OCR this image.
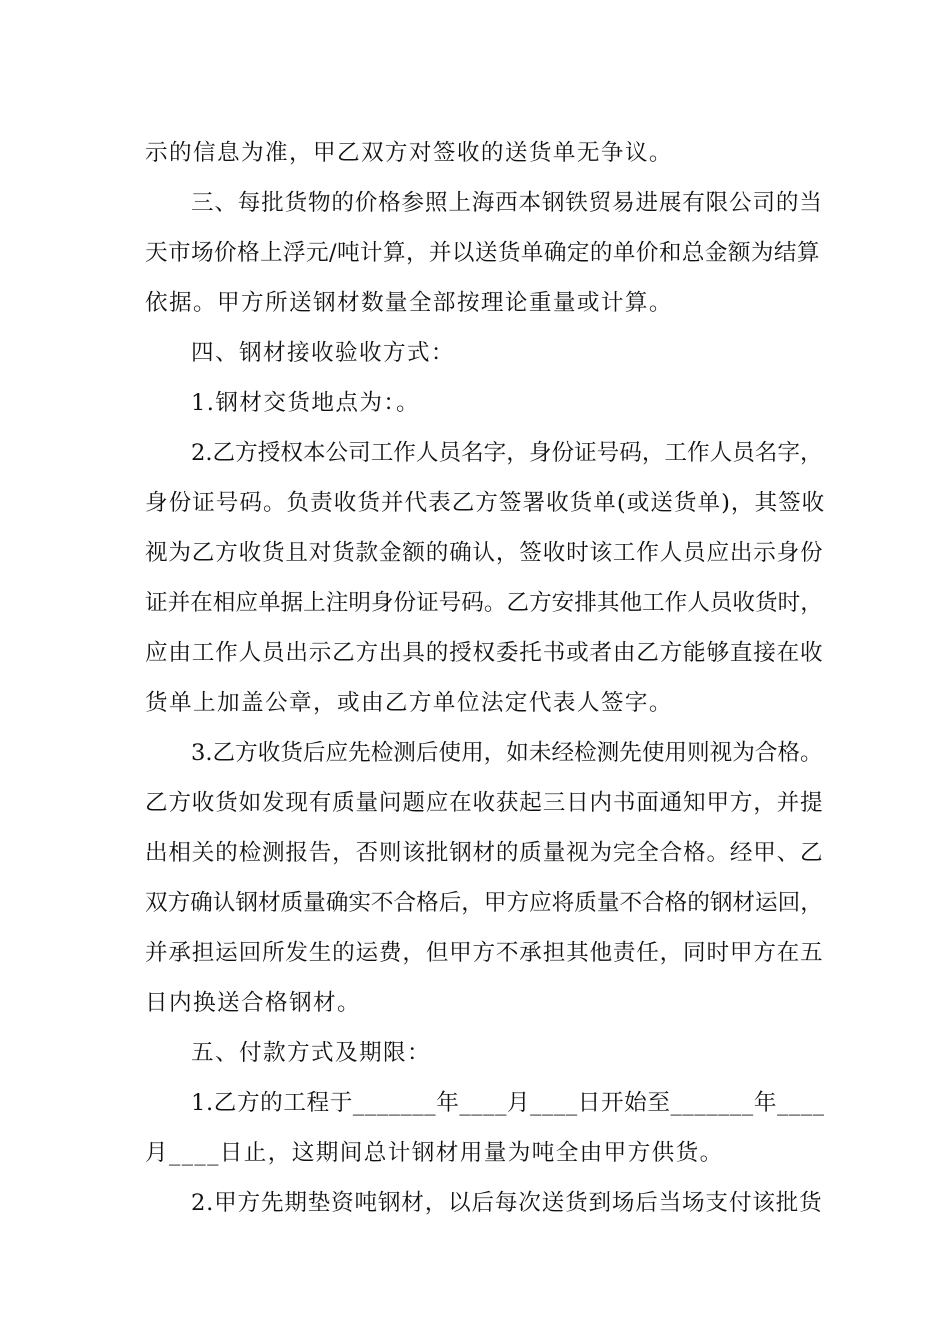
示的信息为准，甲乙双方对签收的送货单无争议。
三、每批货物的价格参照上海西本钢铁贸易进展有限公司的当
天市场价格上浮元/吨计算，并以送货单确定的单价和总金额为结算
依据。甲方所送钢材数量全部按理论重量或计算。
四、钢材接收验收方式：
1.钢材交货地点为：。
2.乙方授权本公司工作人员名字，身份证号码，工作人员名字，
身份证号码。负责收货并代表乙方签署收货单(或送货单)，其签收
视为乙方收货且对货款金额的确认，签收时该工作人员应出示身份
证并在相应单据上注明身份证号码。乙方安排其他工作人员收货时，
应由工作人员出示乙方出具的授权委托书或者由乙方能够直接在收
货单上加盖公章，或由乙方单位法定代表人签字。
3.乙方收货后应先检测后使用，如未经检测先使用则视为合格。
乙方收货如发现有质量问题应在收获起三日内书面通知甲方，并提
出相关的检测报告，否则该批钢材的质量视为完全合格。经甲、乙
双方确认钢材质量确实不合格后，甲方应将质量不合格的钢材运回，
并承担运回所发生的运费，但甲方不承担其他责任，同时甲方在五
日内换送合格钢材。
五、付款方式及期限：
1.乙方的工程于_______年____月____日开始至_______年____
月____日止，这期间总计钢材用量为吨全由甲方供货。
2.甲方先期垫资吨钢材，以后每次送货到场后当场支付该批货
